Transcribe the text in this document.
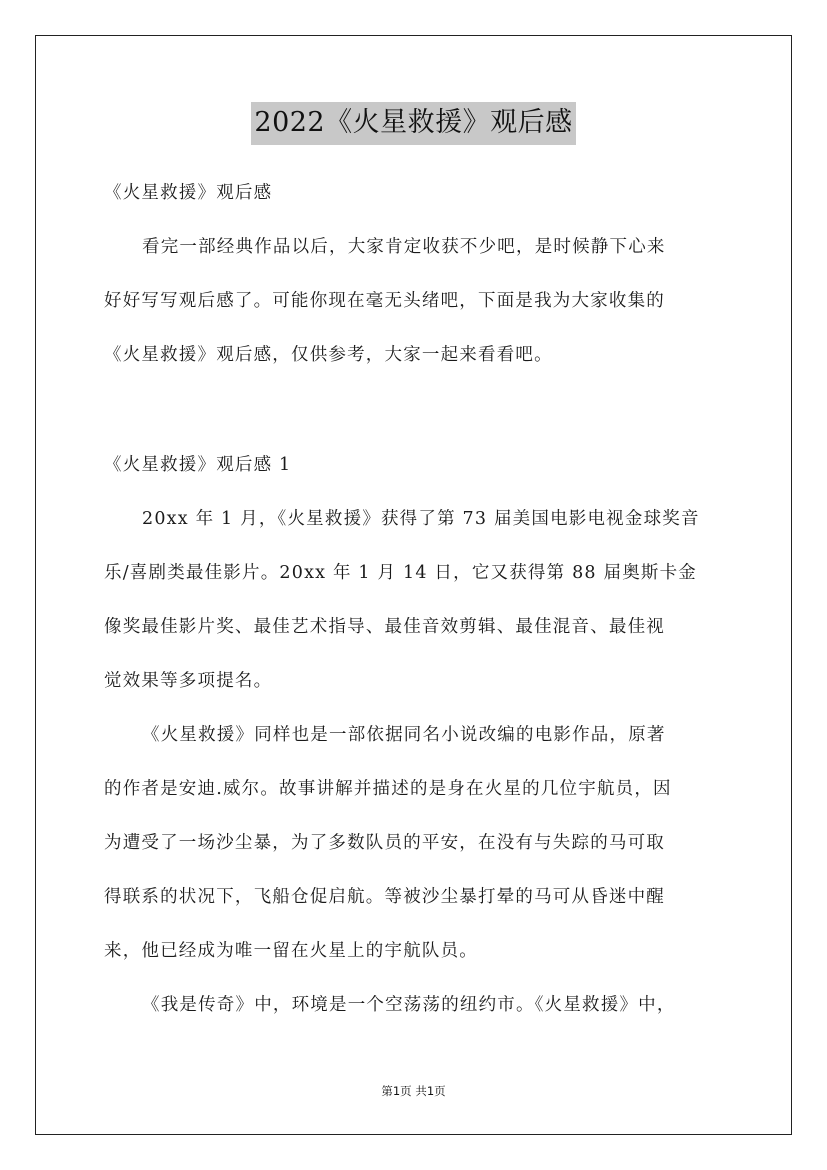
2022《火星救援》观后感
《火星救援》观后感
看完一部经典作品以后，大家肯定收获不少吧，是时候静下心来
好好写写观后感了。可能你现在毫无头绪吧，下面是我为大家收集的
《火星救援》观后感，仅供参考，大家一起来看看吧。
《火星救援》观后感 1
20xx 年 1 月，《火星救援》获得了第 73 届美国电影电视金球奖音
乐/喜剧类最佳影片。20xx 年 1 月 14 日，它又获得第 88 届奥斯卡金
像奖最佳影片奖、最佳艺术指导、最佳音效剪辑、最佳混音、最佳视
觉效果等多项提名。
《火星救援》同样也是一部依据同名小说改编的电影作品，原著
的作者是安迪.威尔。故事讲解并描述的是身在火星的几位宇航员，因
为遭受了一场沙尘暴，为了多数队员的平安，在没有与失踪的马可取
得联系的状况下，飞船仓促启航。等被沙尘暴打晕的马可从昏迷中醒
来，他已经成为唯一留在火星上的宇航队员。
《我是传奇》中，环境是一个空荡荡的纽约市。《火星救援》中，
第1页 共1页
